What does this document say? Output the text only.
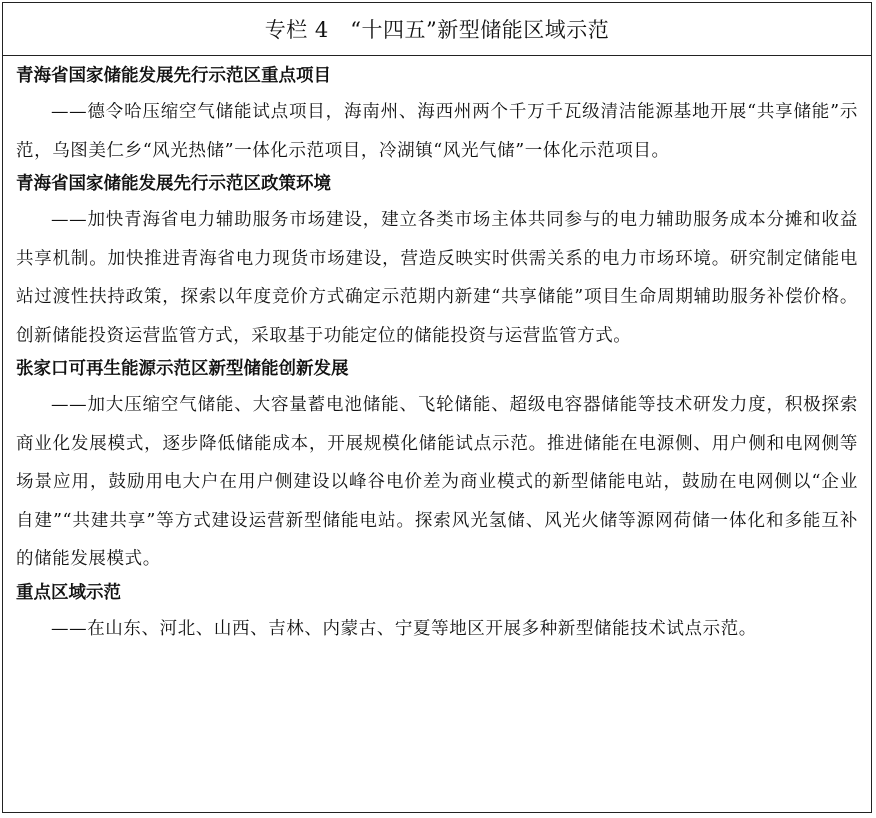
专栏 4　“十四五”新型储能区域示范
青海省国家储能发展先行示范区重点项目

——德令哈压缩空气储能试点项目，海南州、海西州两个千万千瓦级清洁能源基地开展“共享储能”示范，乌图美仁乡“风光热储”一体化示范项目，冷湖镇“风光气储”一体化示范项目。

青海省国家储能发展先行示范区政策环境

——加快青海省电力辅助服务市场建设，建立各类市场主体共同参与的电力辅助服务成本分摊和收益共享机制。加快推进青海省电力现货市场建设，营造反映实时供需关系的电力市场环境。研究制定储能电站过渡性扶持政策，探索以年度竞价方式确定示范期内新建“共享储能”项目生命周期辅助服务补偿价格。创新储能投资运营监管方式，采取基于功能定位的储能投资与运营监管方式。

张家口可再生能源示范区新型储能创新发展

——加大压缩空气储能、大容量蓄电池储能、飞轮储能、超级电容器储能等技术研发力度，积极探索商业化发展模式，逐步降低储能成本，开展规模化储能试点示范。推进储能在电源侧、用户侧和电网侧等场景应用，鼓励用电大户在用户侧建设以峰谷电价差为商业模式的新型储能电站，鼓励在电网侧以“企业自建”“共建共享”等方式建设运营新型储能电站。探索风光氢储、风光火储等源网荷储一体化和多能互补的储能发展模式。

重点区域示范

——在山东、河北、山西、吉林、内蒙古、宁夏等地区开展多种新型储能技术试点示范。
